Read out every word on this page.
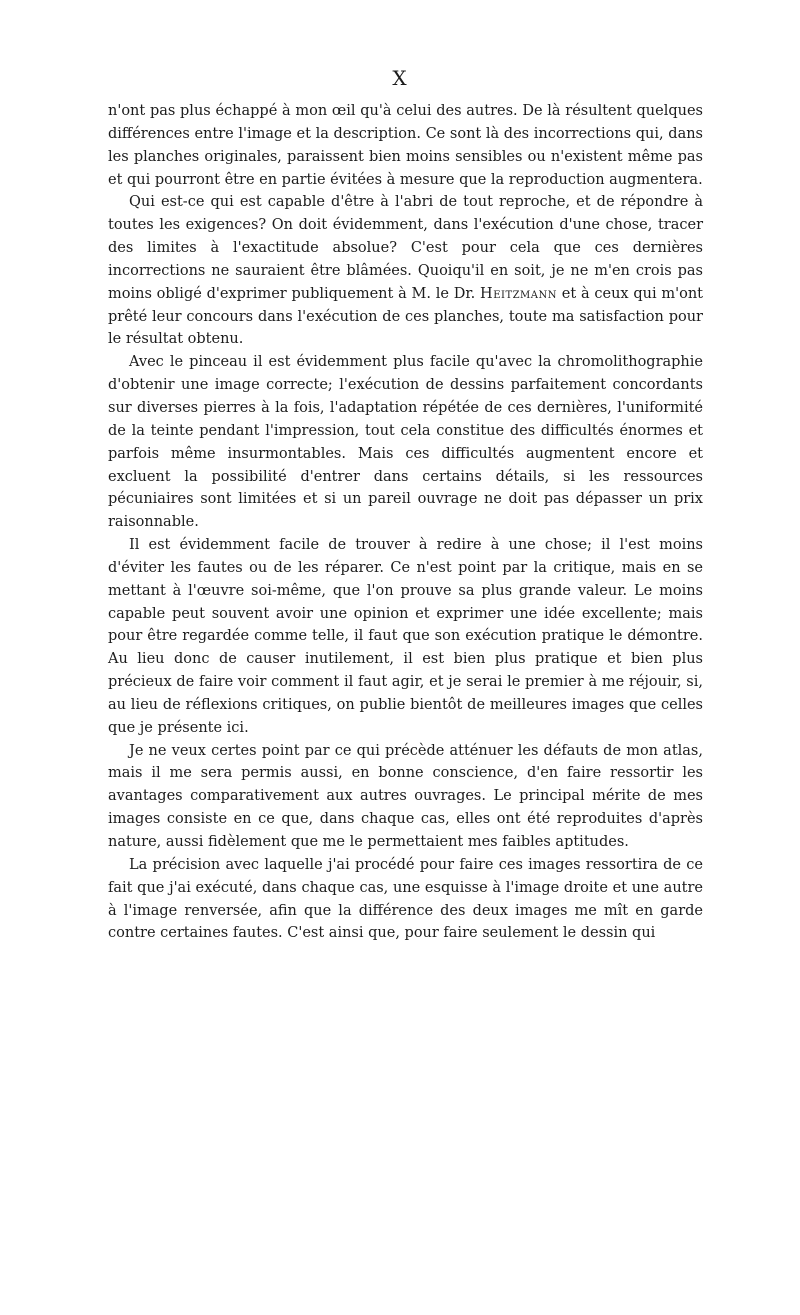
X

n'ont pas plus échappé à mon œil qu'à celui des autres. De là résultent quelques différences entre l'image et la description. Ce sont là des incorrections qui, dans les planches originales, paraissent bien moins sensibles ou n'existent même pas et qui pourront être en partie évitées à mesure que la reproduction augmentera.

Qui est-ce qui est capable d'être à l'abri de tout reproche, et de répondre à toutes les exigences? On doit évidemment, dans l'exécution d'une chose, tracer des limites à l'exactitude absolue? C'est pour cela que ces dernières incorrections ne sauraient être blâmées. Quoiqu'il en soit, je ne m'en crois pas moins obligé d'exprimer publiquement à M. le Dr. Heitzmann et à ceux qui m'ont prêté leur concours dans l'exécution de ces planches, toute ma satisfaction pour le résultat obtenu.

Avec le pinceau il est évidemment plus facile qu'avec la chromolithographie d'obtenir une image correcte; l'exécution de dessins parfaitement concordants sur diverses pierres à la fois, l'adaptation répétée de ces dernières, l'uniformité de la teinte pendant l'impression, tout cela constitue des difficultés énormes et parfois même insurmontables. Mais ces difficultés augmentent encore et excluent la possibilité d'entrer dans certains détails, si les ressources pécuniaires sont limitées et si un pareil ouvrage ne doit pas dépasser un prix raisonnable.

Il est évidemment facile de trouver à redire à une chose; il l'est moins d'éviter les fautes ou de les réparer. Ce n'est point par la critique, mais en se mettant à l'œuvre soi-même, que l'on prouve sa plus grande valeur. Le moins capable peut souvent avoir une opinion et exprimer une idée excellente; mais pour être regardée comme telle, il faut que son exécution pratique le démontre. Au lieu donc de causer inutilement, il est bien plus pratique et bien plus précieux de faire voir comment il faut agir, et je serai le premier à me réjouir, si, au lieu de réflexions critiques, on publie bientôt de meilleures images que celles que je présente ici.

Je ne veux certes point par ce qui précède atténuer les défauts de mon atlas, mais il me sera permis aussi, en bonne conscience, d'en faire ressortir les avantages comparativement aux autres ouvrages. Le principal mérite de mes images consiste en ce que, dans chaque cas, elles ont été reproduites d'après nature, aussi fidèlement que me le permettaient mes faibles aptitudes.

La précision avec laquelle j'ai procédé pour faire ces images ressortira de ce fait que j'ai exécuté, dans chaque cas, une esquisse à l'image droite et une autre à l'image renversée, afin que la différence des deux images me mît en garde contre certaines fautes. C'est ainsi que, pour faire seulement le dessin qui
